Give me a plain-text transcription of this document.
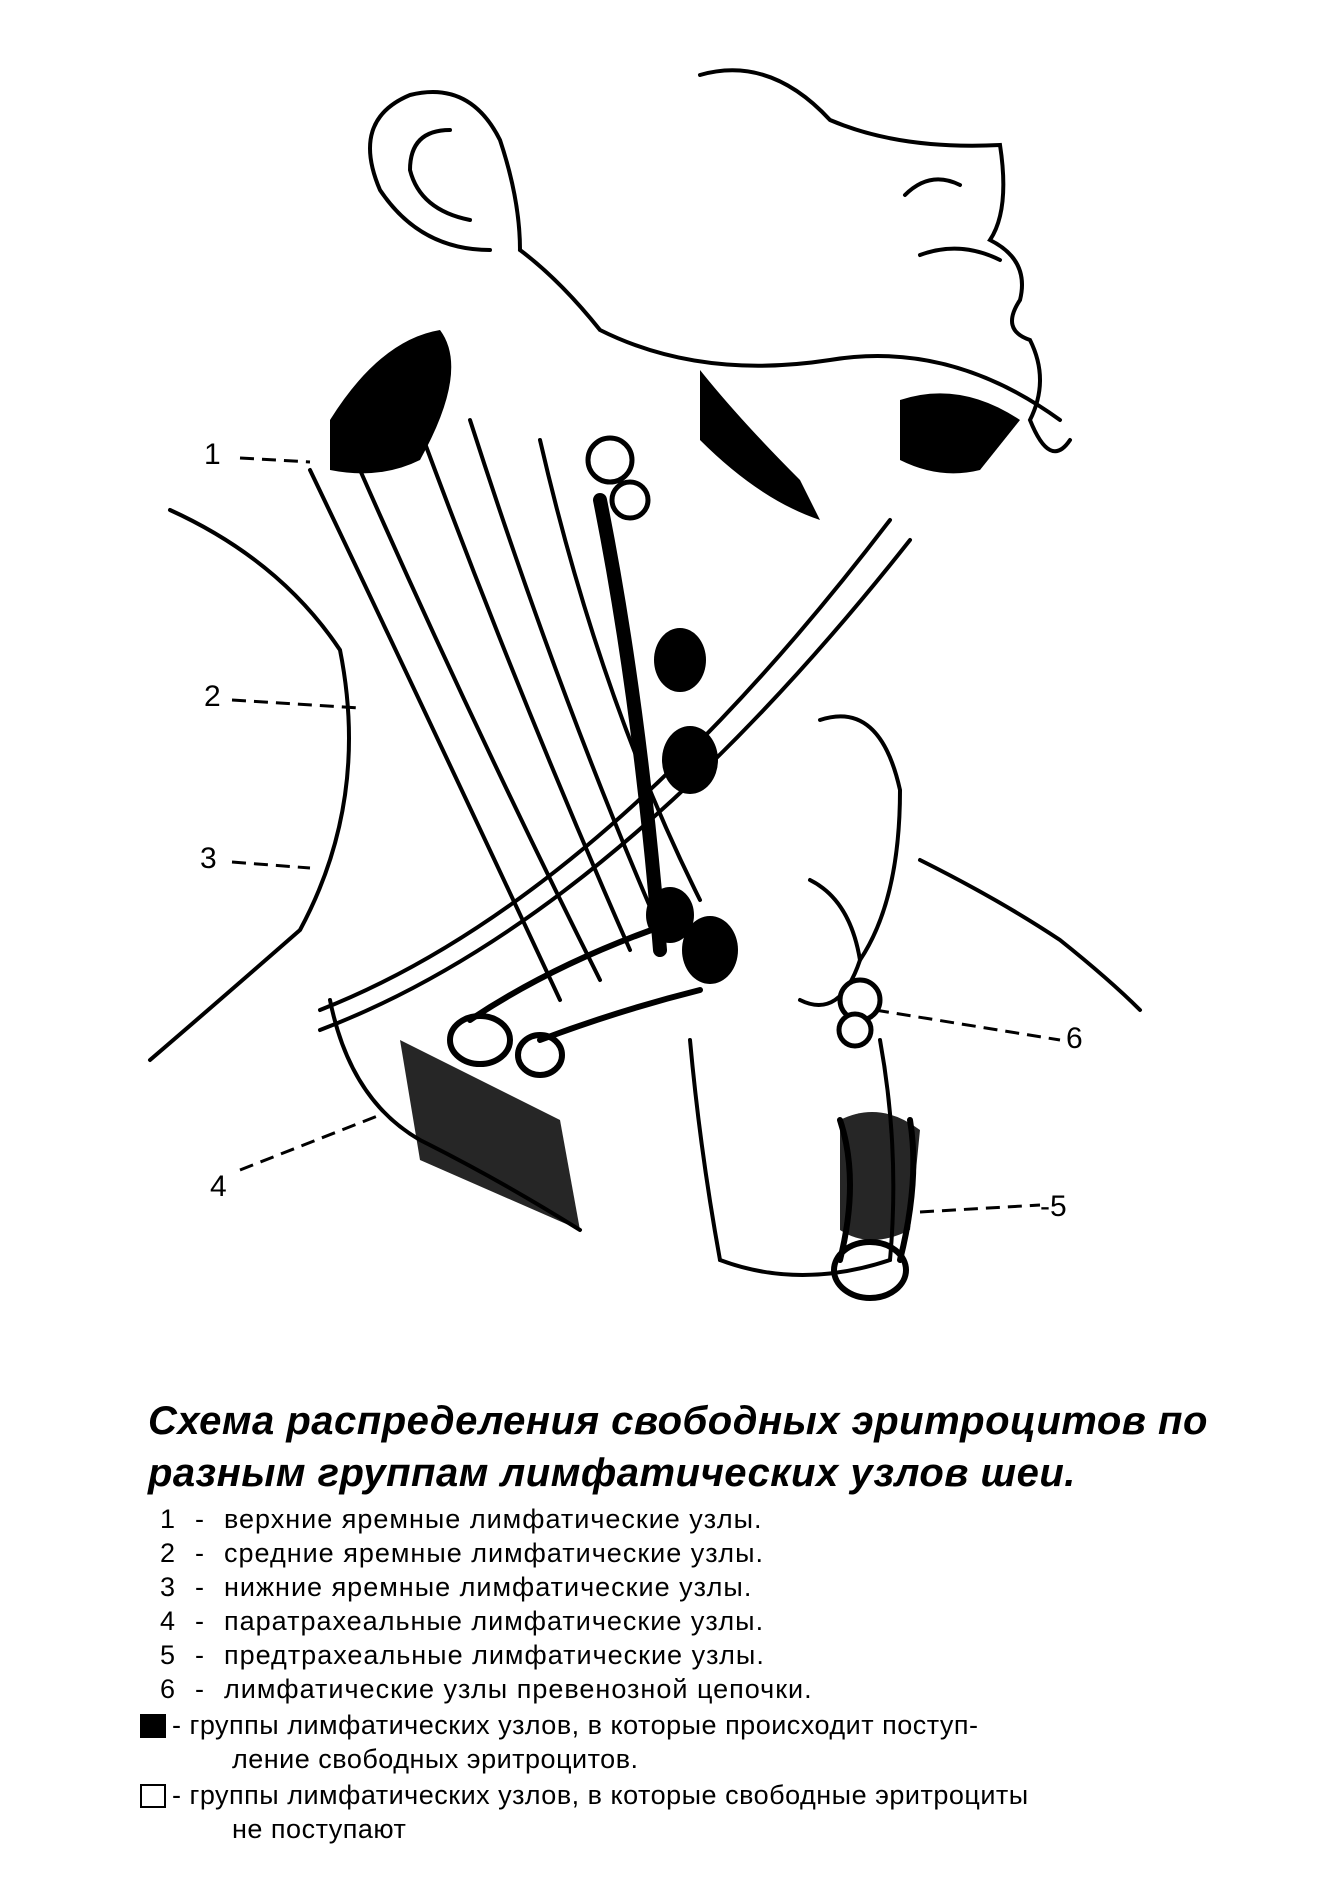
1
2
3
4
-5
6
Схема распределения свободных эритроцитов по
разным группам лимфатических узлов шеи.
1 - верхние яремные лимфатические узлы.
2 - средние яремные лимфатические узлы.
3 - нижние яремные лимфатические узлы.
4 - паратрахеальные лимфатические узлы.
5 - предтрахеальные лимфатические узлы.
6 - лимфатические узлы превенозной цепочки.
- группы лимфатических узлов, в которые происходит поступ-
ление свободных эритроцитов.
- группы лимфатических узлов, в которые свободные эритроциты
не поступают
